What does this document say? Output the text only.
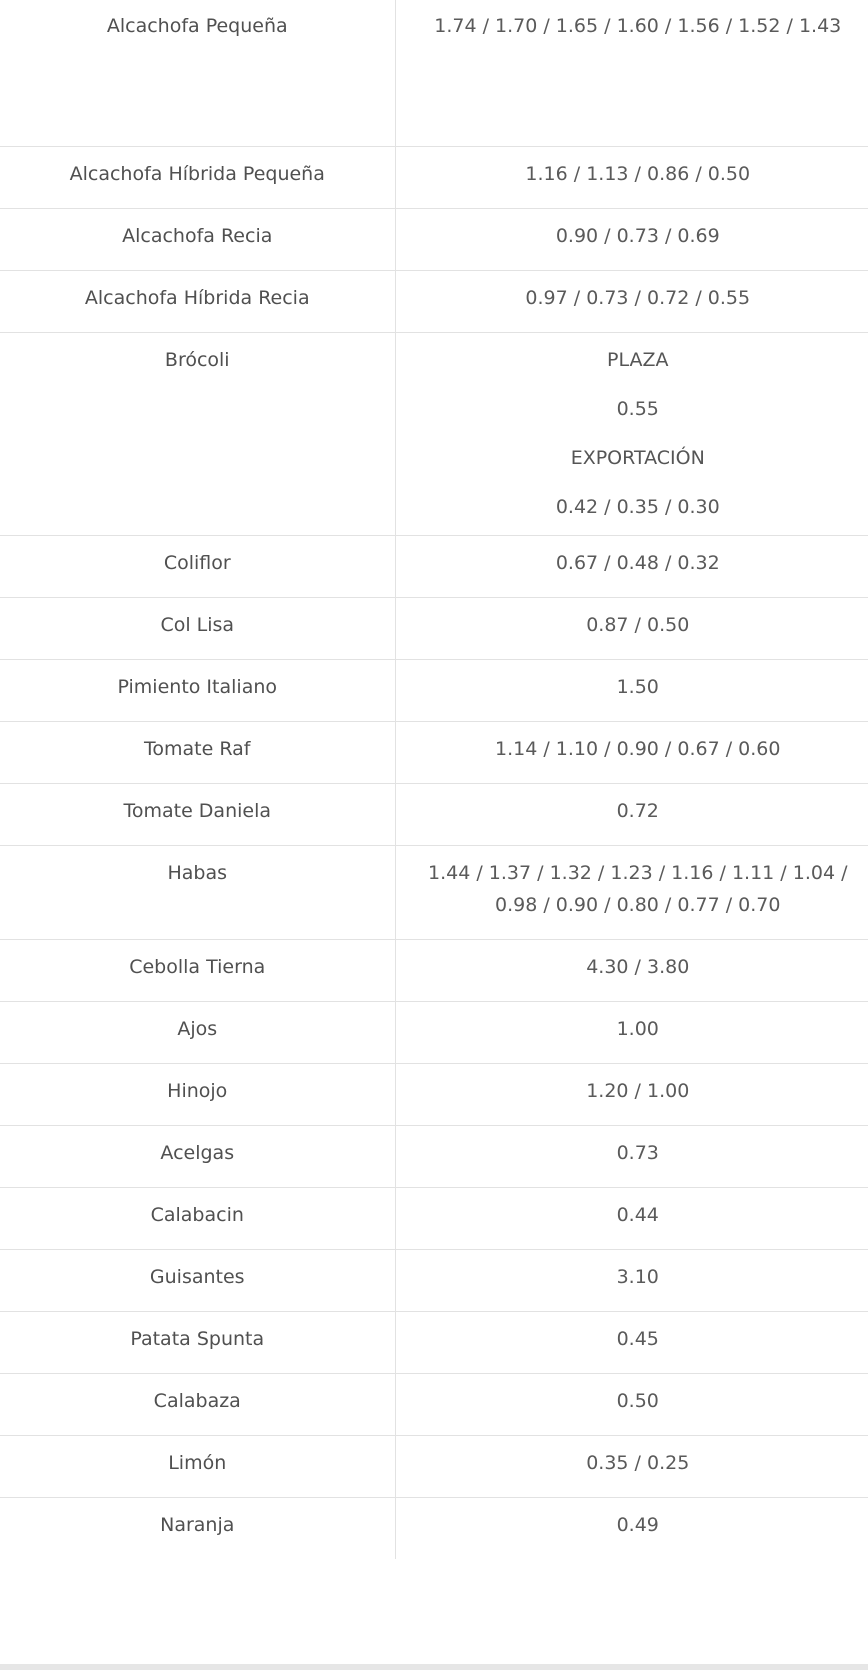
Alcachofa Pequeña	1.74 / 1.70 / 1.65 / 1.60 / 1.56 / 1.52 / 1.43
Alcachofa Híbrida Pequeña	1.16 / 1.13 / 0.86 / 0.50
Alcachofa Recia	0.90 / 0.73 / 0.69
Alcachofa Híbrida Recia	0.97 / 0.73 / 0.72 / 0.55
Brócoli	PLAZA
0.55
EXPORTACIÓN
0.42 / 0.35 / 0.30

Coliflor	0.67 / 0.48 / 0.32
Col Lisa	0.87 / 0.50
Pimiento Italiano	1.50
Tomate Raf	1.14 / 1.10 / 0.90 / 0.67 / 0.60
Tomate Daniela	0.72
Habas	1.44 / 1.37 / 1.32 / 1.23 / 1.16 / 1.11 / 1.04 / 0.98 / 0.90 / 0.80 / 0.77 / 0.70
Cebolla Tierna	4.30 / 3.80
Ajos	1.00
Hinojo	1.20 / 1.00
Acelgas	0.73
Calabacin	0.44
Guisantes	3.10
Patata Spunta	0.45
Calabaza	0.50
Limón	0.35 / 0.25
Naranja	0.49
